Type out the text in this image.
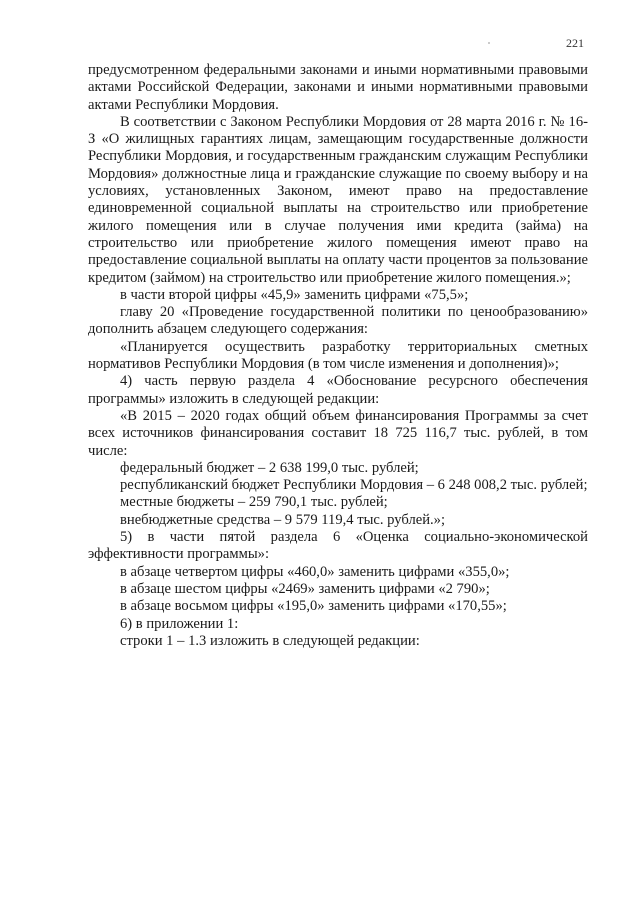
221

предусмотренном федеральными законами и иными нормативными правовыми актами Российской Федерации, законами и иными нормативными правовыми актами Республики Мордовия.

В соответствии с Законом Республики Мордовия от 28 марта 2016 г. № 16-З «О жилищных гарантиях лицам, замещающим государственные должности Республики Мордовия, и государственным гражданским служащим Республики Мордовия» должностные лица и гражданские служащие по своему выбору и на условиях, установленных Законом, имеют право на предоставление единовременной социальной выплаты на строительство или приобретение жилого помещения или в случае получения ими кредита (займа) на строительство или приобретение жилого помещения имеют право на предоставление социальной выплаты на оплату части процентов за пользование кредитом (займом) на строительство или приобретение жилого помещения.»;

в части второй цифры «45,9» заменить цифрами «75,5»;

главу 20 «Проведение государственной политики по ценообразованию» дополнить абзацем следующего содержания:

«Планируется осуществить разработку территориальных сметных нормативов Республики Мордовия (в том числе изменения и дополнения)»;

4) часть первую раздела 4 «Обоснование ресурсного обеспечения программы» изложить в следующей редакции:

«В 2015 – 2020 годах общий объем финансирования Программы за счет всех источников финансирования составит 18 725 116,7 тыс. рублей, в том числе:

федеральный бюджет – 2 638 199,0 тыс. рублей;

республиканский бюджет Республики Мордовия – 6 248 008,2 тыс. рублей;

местные бюджеты – 259 790,1 тыс. рублей;

внебюджетные средства – 9 579 119,4 тыс. рублей.»;

5) в части пятой раздела 6 «Оценка социально-экономической эффективности программы»:

в абзаце четвертом цифры «460,0» заменить цифрами «355,0»;

в абзаце шестом цифры «2469» заменить цифрами «2 790»;

в абзаце восьмом цифры «195,0» заменить цифрами «170,55»;

6) в приложении 1:

строки 1 – 1.3 изложить в следующей редакции:
